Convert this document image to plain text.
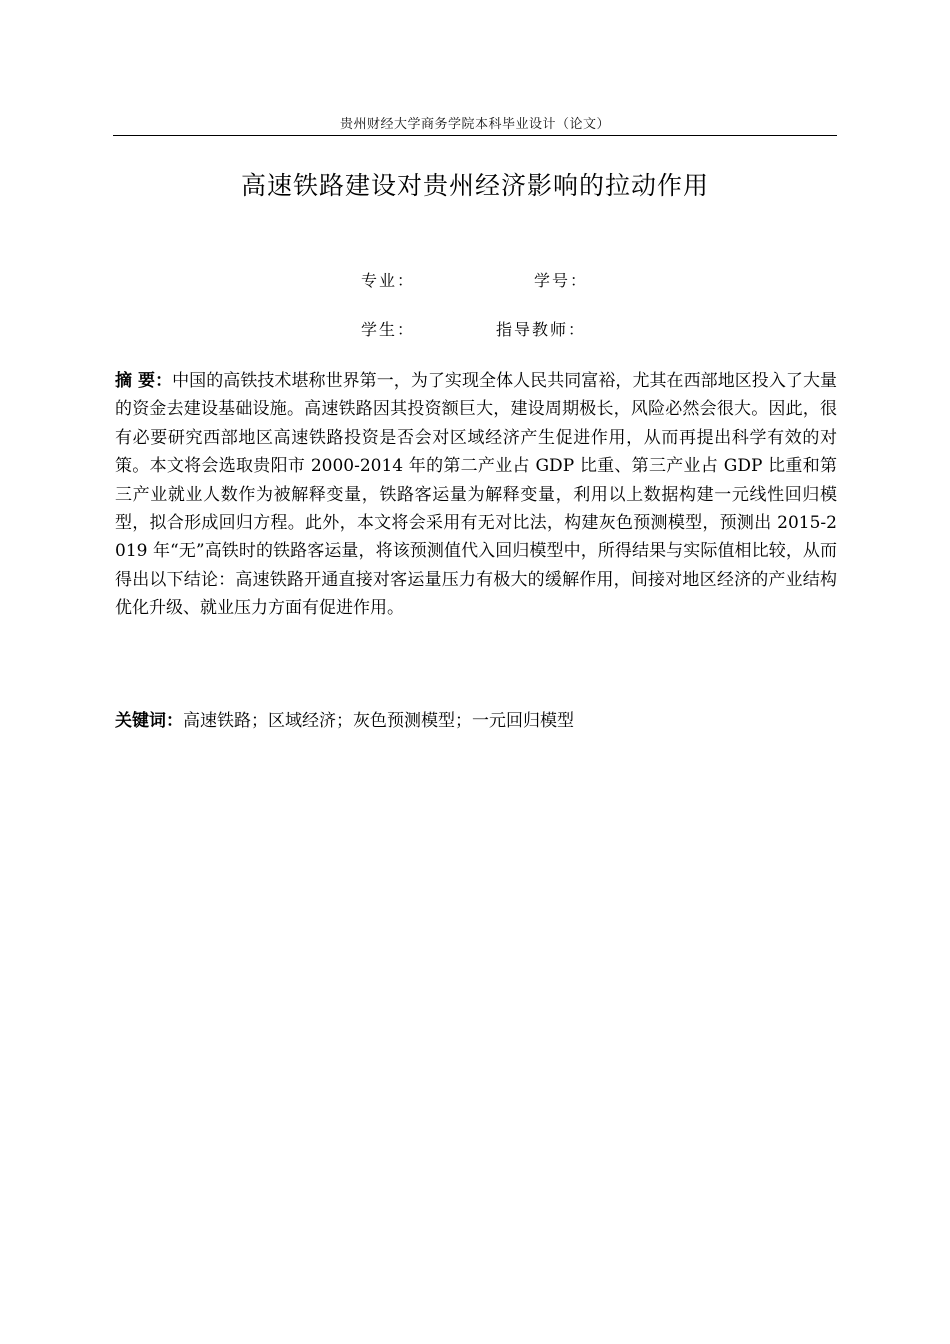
贵州财经大学商务学院本科毕业设计（论文）
高速铁路建设对贵州经济影响的拉动作用
专业：	学号：
学生：	指导教师：
摘 要：中国的高铁技术堪称世界第一，为了实现全体人民共同富裕，尤其在西部地区投入了大量的资金去建设基础设施。高速铁路因其投资额巨大，建设周期极长，风险必然会很大。因此，很有必要研究西部地区高速铁路投资是否会对区域经济产生促进作用，从而再提出科学有效的对策。本文将会选取贵阳市 2000-2014 年的第二产业占 GDP 比重、第三产业占 GDP 比重和第三产业就业人数作为被解释变量，铁路客运量为解释变量，利用以上数据构建一元线性回归模型，拟合形成回归方程。此外，本文将会采用有无对比法，构建灰色预测模型，预测出 2015-2019 年“无”高铁时的铁路客运量，将该预测值代入回归模型中，所得结果与实际值相比较，从而得出以下结论：高速铁路开通直接对客运量压力有极大的缓解作用，间接对地区经济的产业结构优化升级、就业压力方面有促进作用。
关键词：高速铁路；区域经济；灰色预测模型；一元回归模型
